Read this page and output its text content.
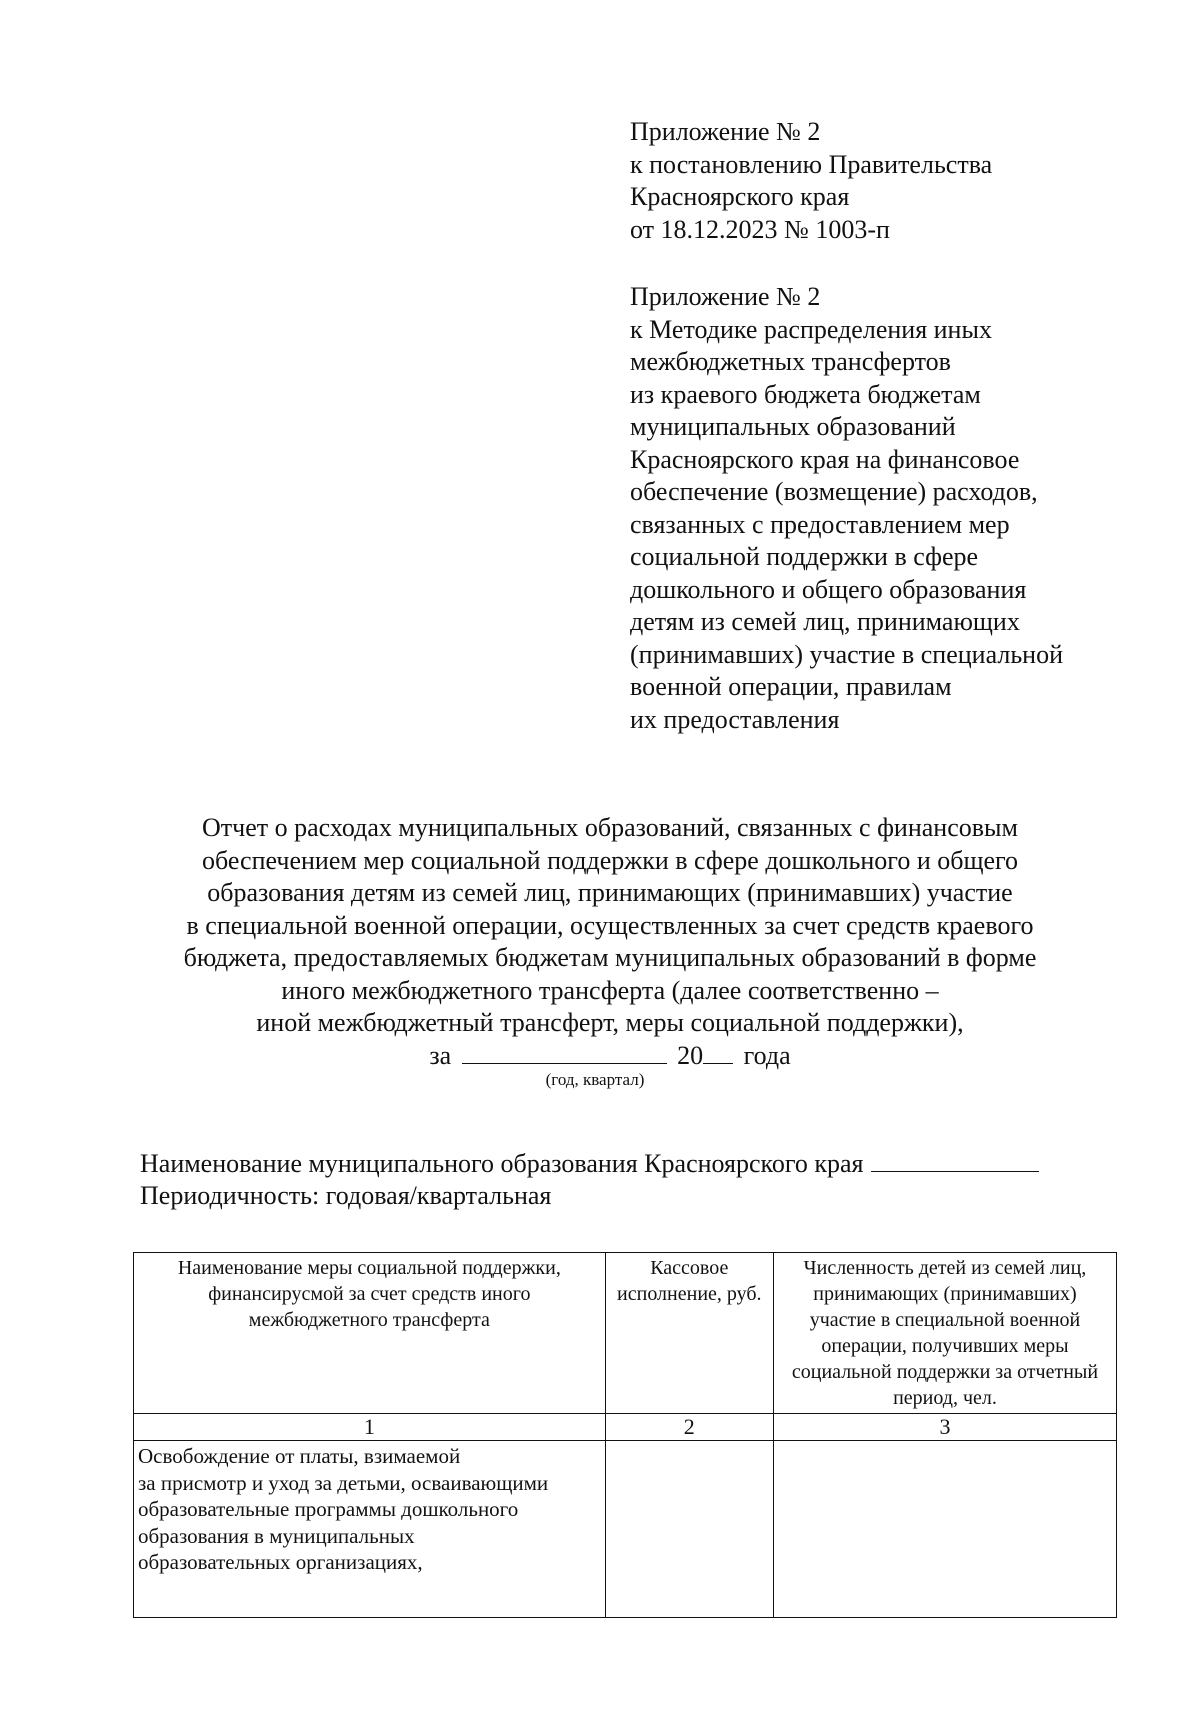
Приложение № 2
к постановлению Правительства
Красноярского края
от 18.12.2023 № 1003-п
Приложение № 2
к Методике распределения иных
межбюджетных трансфертов
из краевого бюджета бюджетам
муниципальных образований
Красноярского края на финансовое
обеспечение (возмещение) расходов,
связанных с предоставлением мер
социальной поддержки в сфере
дошкольного и общего образования
детям из семей лиц, принимающих
(принимавших) участие в специальной
военной операции, правилам
их предоставления
Отчет о расходах муниципальных образований, связанных с финансовым
обеспечением мер социальной поддержки в сфере дошкольного и общего
образования детям из семей лиц, принимающих (принимавших) участие
в специальной военной операции, осуществленных за счет средств краевого
бюджета, предоставляемых бюджетам муниципальных образований в форме
иного межбюджетного трансферта (далее соответственно –
иной межбюджетный трансферт, меры социальной поддержки),
за	20 года
(год, квартал)
Наименование муниципального образования Красноярского края
Периодичность: годовая/квартальная
Наименование меры социальной поддержки, финансирусмой за счет средств иного межбюджетного трансферта	Кассовое исполнение, руб.	Численность детей из семей лиц, принимающих (принимавших) участие в специальной военной операции, получивших меры социальной поддержки за отчетный период, чел.
1	2	3

Освобождение от платы, взимаемой
за присмотр и уход за детьми, осваивающими
образовательные программы дошкольного
образования в муниципальных
образовательных организациях,		
